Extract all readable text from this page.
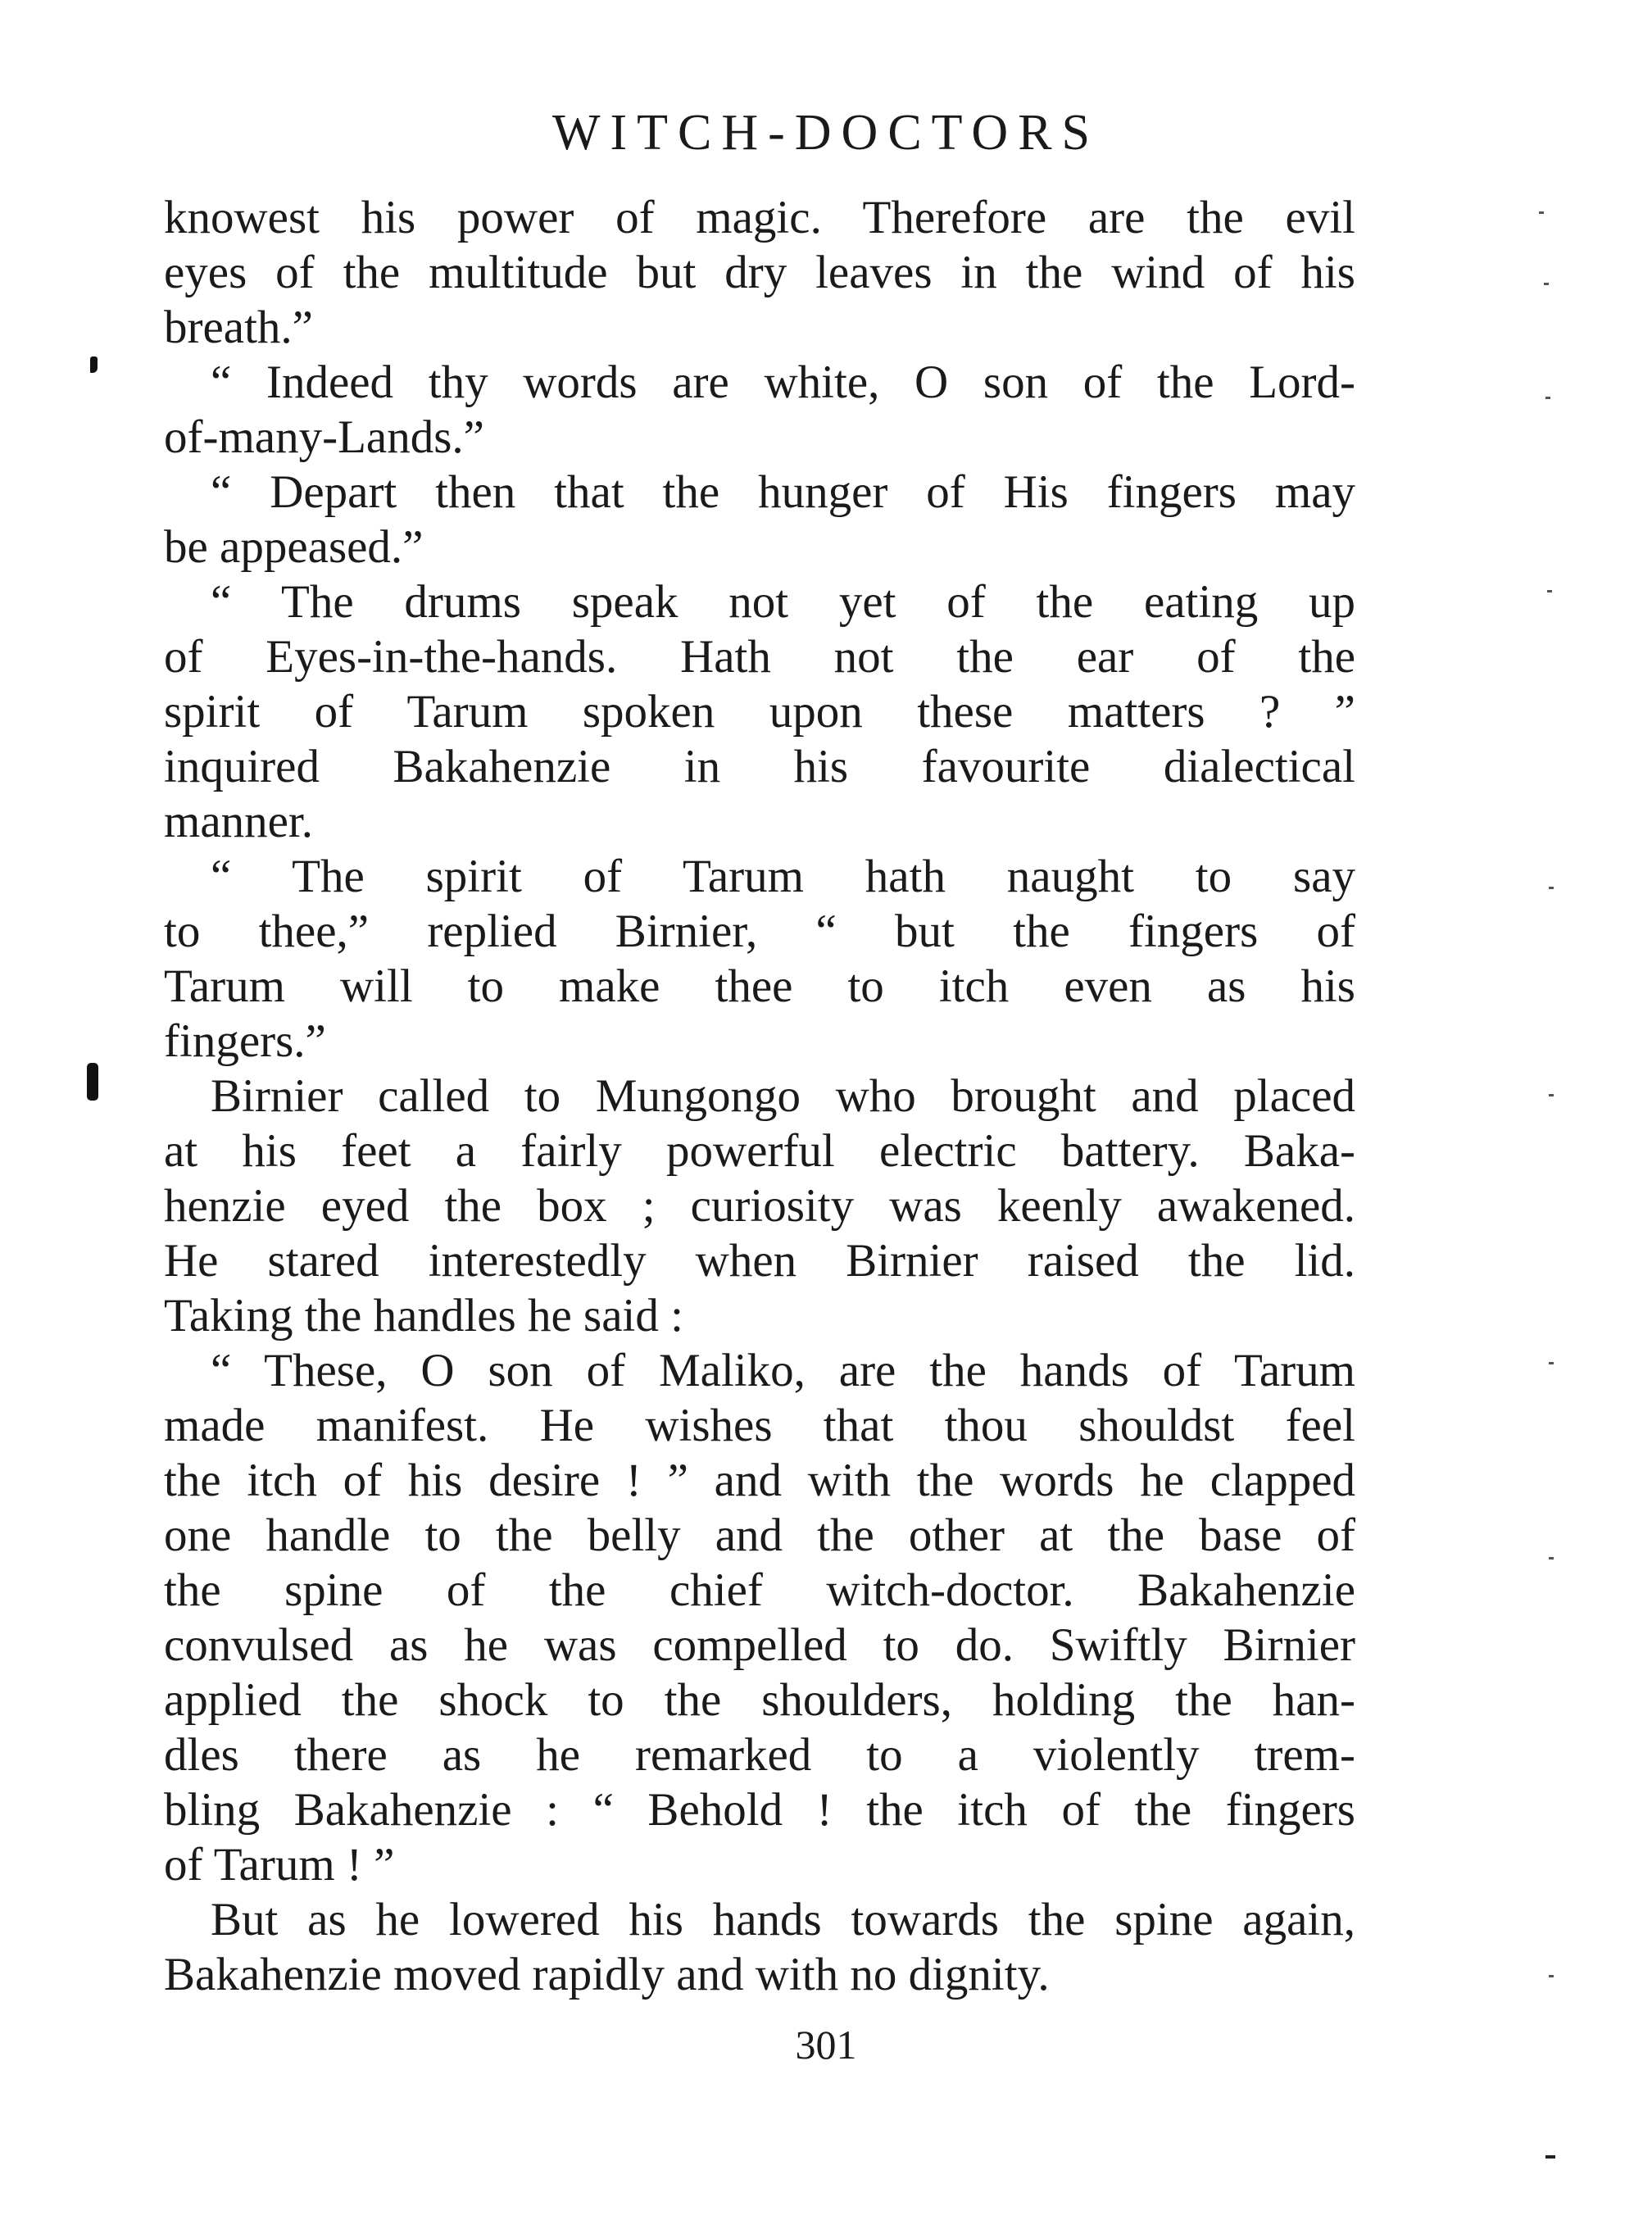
WITCH-DOCTORS
knowest his power of magic. Therefore are the evil
eyes of the multitude but dry leaves in the wind of his
breath.”
“ Indeed thy words are white, O son of the Lord-
of-many-Lands.”
“ Depart then that the hunger of His fingers may
be appeased.”
“ The drums speak not yet of the eating up
of Eyes-in-the-hands. Hath not the ear of the
spirit of Tarum spoken upon these matters ? ”
inquired Bakahenzie in his favourite dialectical
manner.
“ The spirit of Tarum hath naught to say
to thee,” replied Birnier, “ but the fingers of
Tarum will to make thee to itch even as his
fingers.”
Birnier called to Mungongo who brought and placed
at his feet a fairly powerful electric battery. Baka-
henzie eyed the box ; curiosity was keenly awakened.
He stared interestedly when Birnier raised the lid.
Taking the handles he said :
“ These, O son of Maliko, are the hands of Tarum
made manifest. He wishes that thou shouldst feel
the itch of his desire ! ” and with the words he clapped
one handle to the belly and the other at the base of
the spine of the chief witch-doctor. Bakahenzie
convulsed as he was compelled to do. Swiftly Birnier
applied the shock to the shoulders, holding the han-
dles there as he remarked to a violently trem-
bling Bakahenzie : “ Behold ! the itch of the fingers
of Tarum ! ”
But as he lowered his hands towards the spine again,
Bakahenzie moved rapidly and with no dignity.
301
